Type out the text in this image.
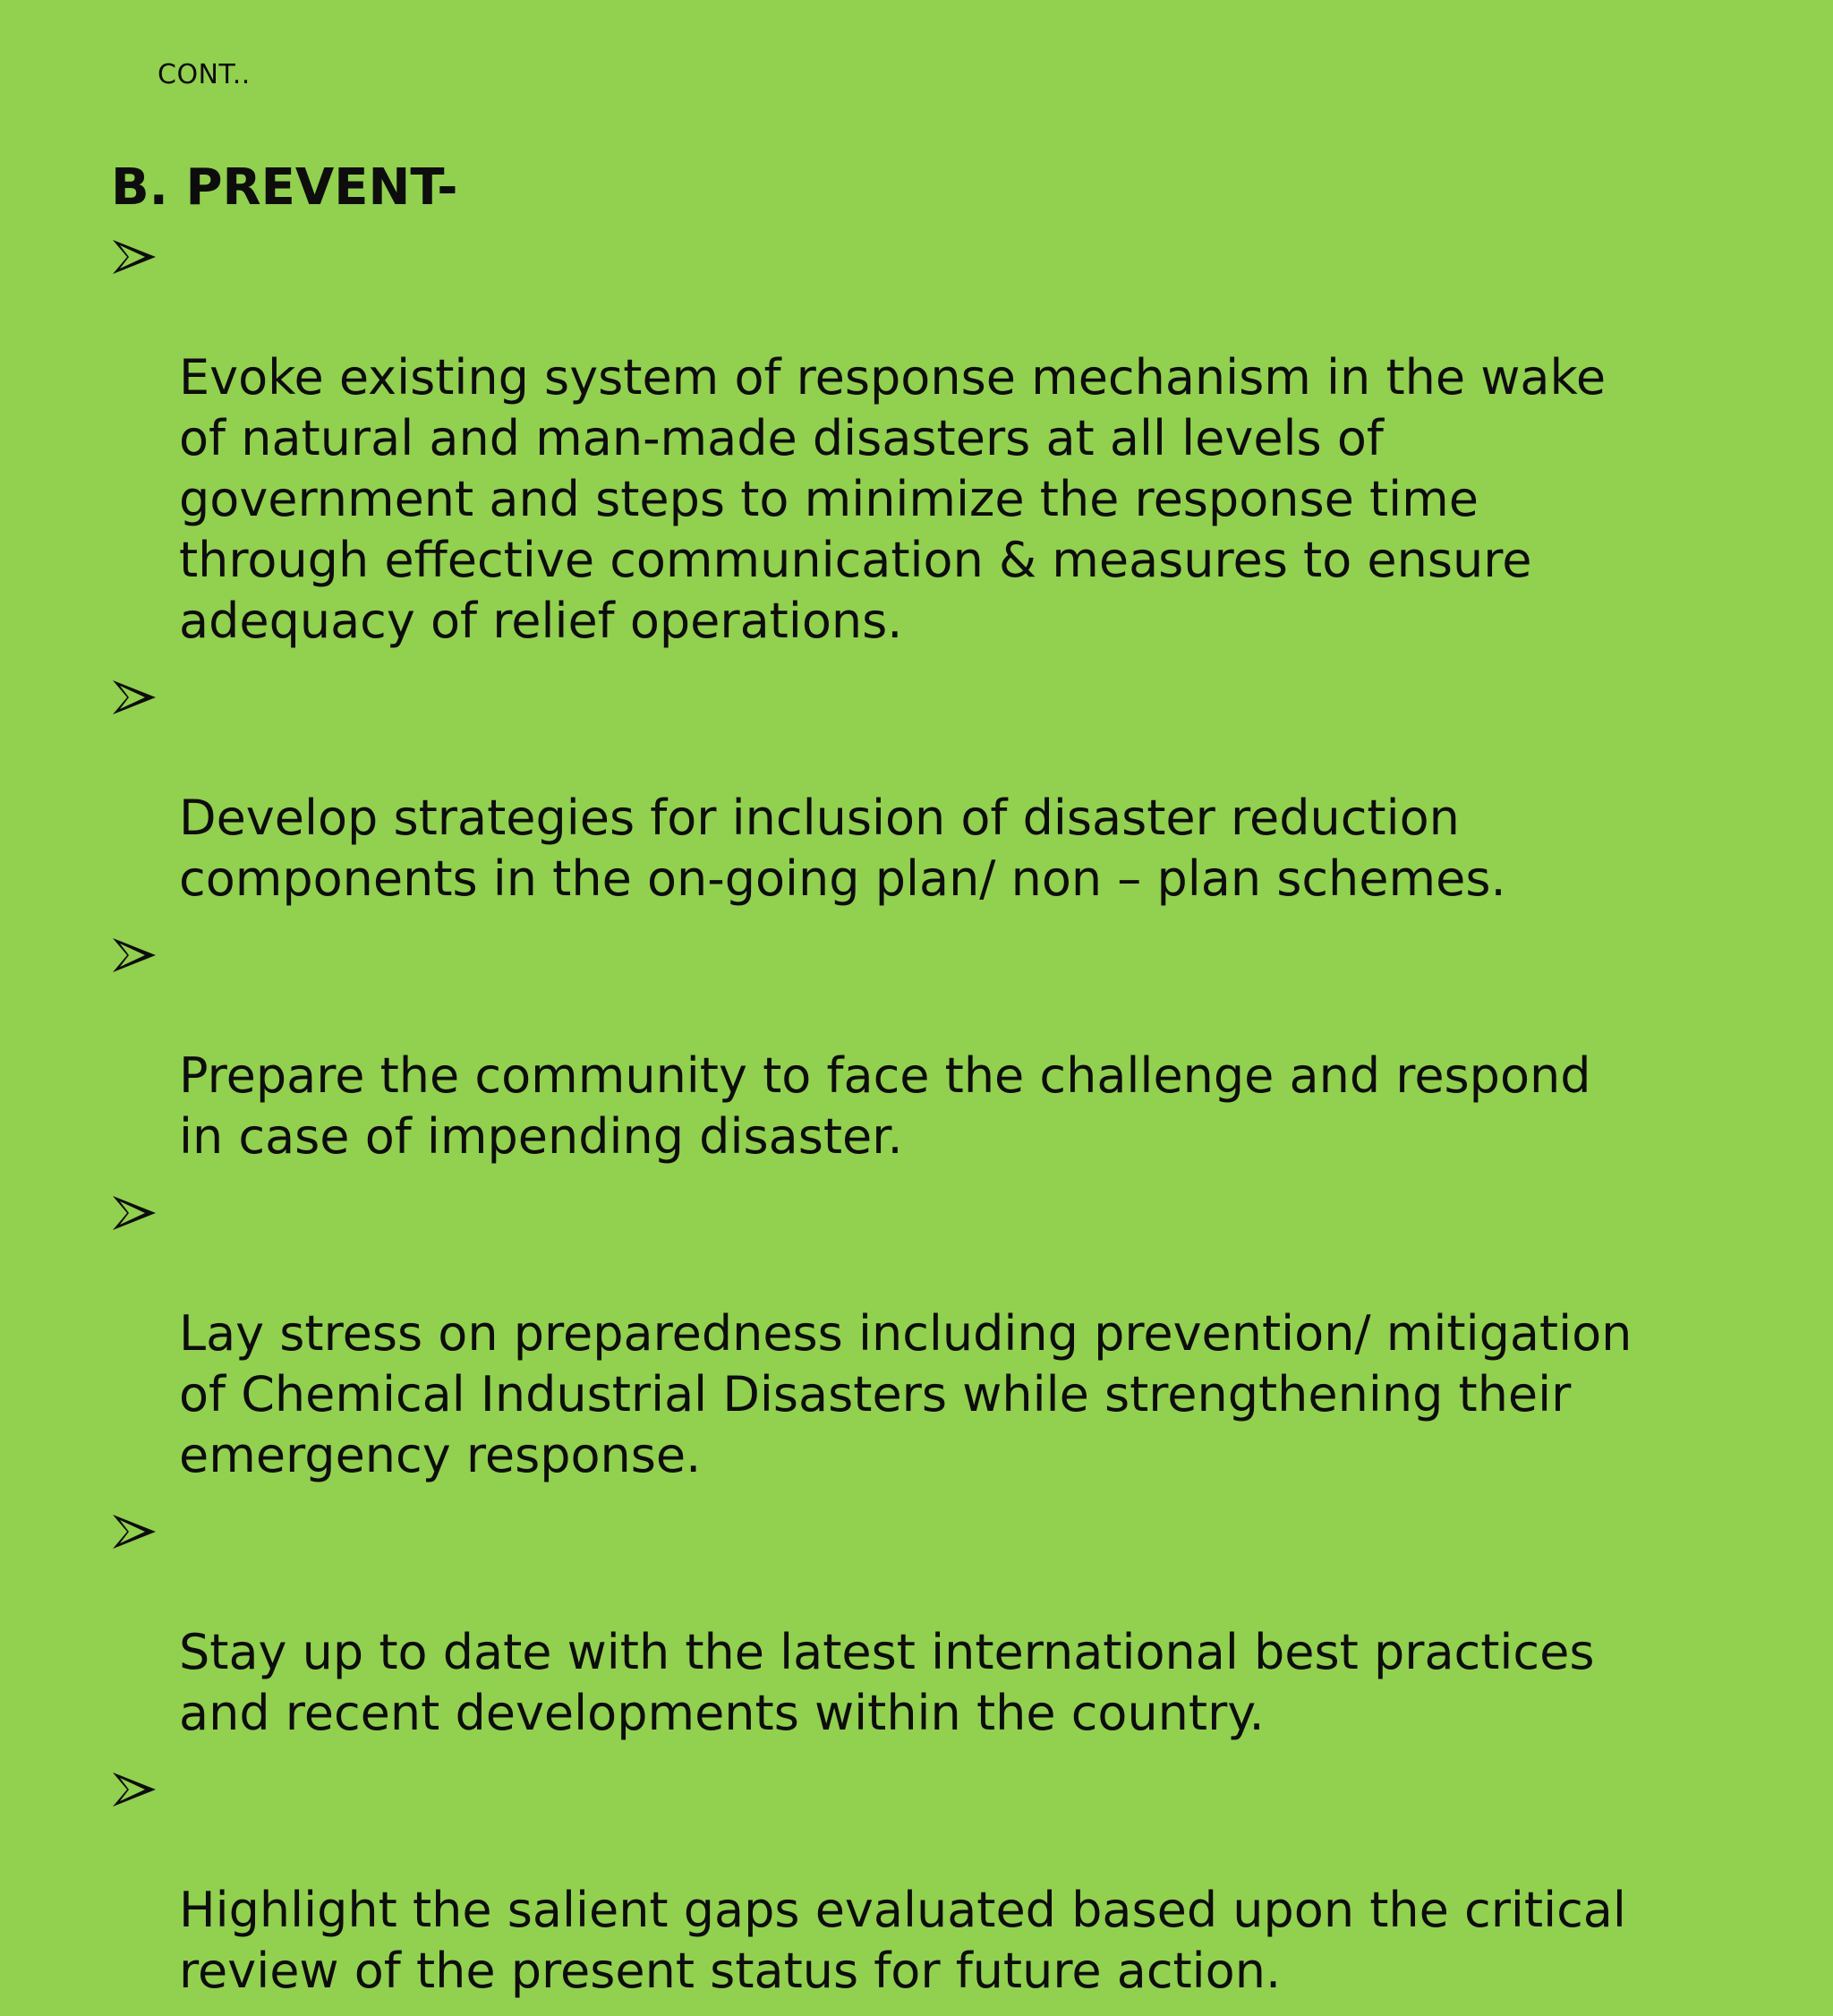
CONT..
B. PREVENT-

Evoke existing system of response mechanism in the wake
of natural and man-made disasters at all levels of
government and steps to minimize the response time
through effective communication & measures to ensure
adequacy of relief operations.

Develop strategies for inclusion of disaster reduction
components in the on-going plan/ non – plan schemes.

Prepare the community to face the challenge and respond
in case of impending disaster.

Lay stress on preparedness including prevention/ mitigation
of Chemical Industrial Disasters while strengthening their
emergency response.

Stay up to date with the latest international best practices
and recent developments within the country.

Highlight the salient gaps evaluated based upon the critical
review of the present status for future action.
